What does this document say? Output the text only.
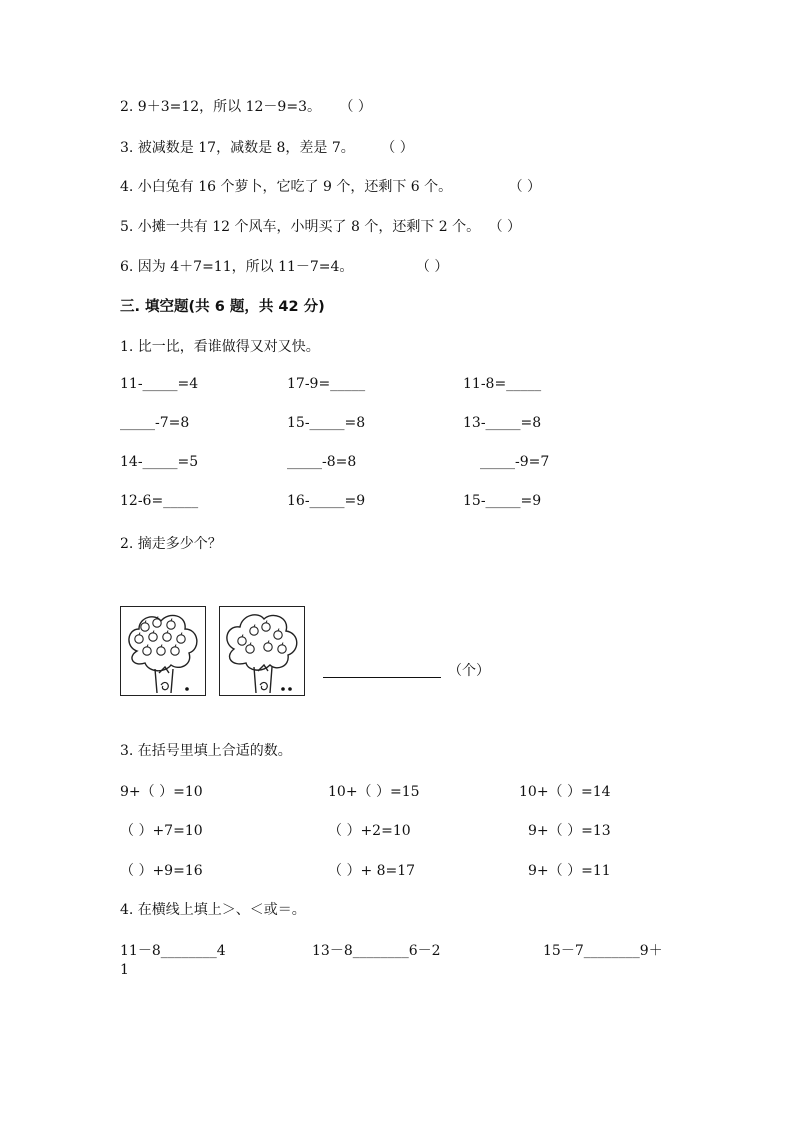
2. 9＋3=12，所以 12－9=3。 （ ）
3. 被减数是 17，减数是 8，差是 7。 （ ）
4. 小白兔有 16 个萝卜，它吃了 9 个，还剩下 6 个。	（ ）
5. 小摊一共有 12 个风车，小明买了 8 个，还剩下 2 个。 （ ）
6. 因为 4＋7=11，所以 11－7=4。	（ ）
三. 填空题(共 6 题，共 42 分)
1. 比一比，看谁做得又对又快。
11-_____=4	17-9=_____	11-8=_____
_____-7=8	15-_____=8	13-_____=8
14-_____=5	_____-8=8	_____-9=7
12-6=_____	16-_____=9	15-_____=9
2. 摘走多少个？
（个）
3. 在括号里填上合适的数。
9+（ ）=10	10+（ ）=15	10+（ ）=14
（ ）+7=10	（ ）+2=10	9+（ ）=13
（ ）+9=16	（ ）+ 8=17	9+（ ）=11
4. 在横线上填上＞、＜或＝。
11－8________4	13－8________6－2	15－7________9＋
1
